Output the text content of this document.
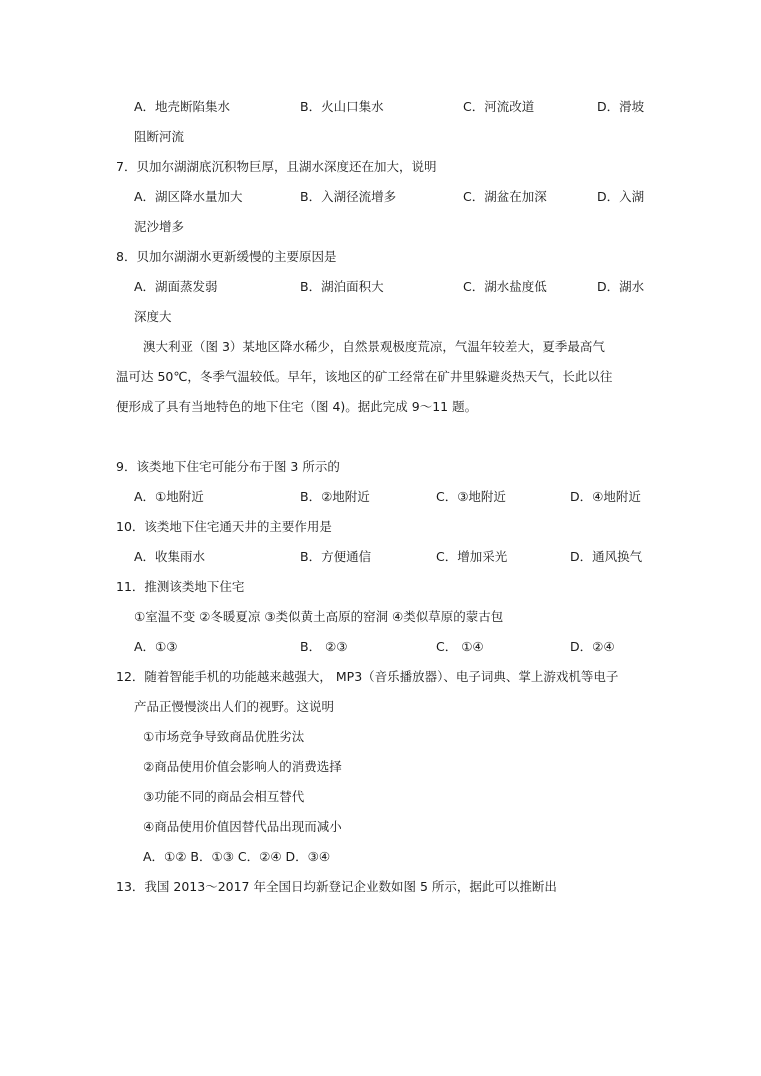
A．地壳断陷集水	B．火山口集水	C．河流改道	D．滑坡
阻断河流
7．贝加尔湖湖底沉积物巨厚，且湖水深度还在加大，说明
A．湖区降水量加大	B．入湖径流增多	C．湖盆在加深	D．入湖
泥沙增多
8．贝加尔湖湖水更新缓慢的主要原因是
A．湖面蒸发弱	B．湖泊面积大	C．湖水盐度低	D．湖水
深度大
澳大利亚（图 3）某地区降水稀少，自然景观极度荒凉，气温年较差大，夏季最高气
温可达 50℃，冬季气温较低。早年，该地区的矿工经常在矿井里躲避炎热天气，长此以往
便形成了具有当地特色的地下住宅（图 4)。据此完成 9～11 题。
9．该类地下住宅可能分布于图 3 所示的
A．①地附近	B．②地附近	C．③地附近	D．④地附近
10．该类地下住宅通天井的主要作用是
A．收集雨水	B．方便通信	C．增加采光	D．通风换气
11．推测该类地下住宅
①室温不变 ②冬暖夏凉 ③类似黄土高原的窑洞 ④类似草原的蒙古包
A．①③	B． ②③	C． ①④	D．②④
12．随着智能手机的功能越来越强大， MP3（音乐播放器）、电子词典、掌上游戏机等电子
产品正慢慢淡出人们的视野。这说明
①市场竞争导致商品优胜劣汰
②商品使用价值会影响人的消费选择
③功能不同的商品会相互替代
④商品使用价值因替代品出现而减小
A．①② B．①③ C．②④ D．③④
13．我国 2013～2017 年全国日均新登记企业数如图 5 所示，据此可以推断出
